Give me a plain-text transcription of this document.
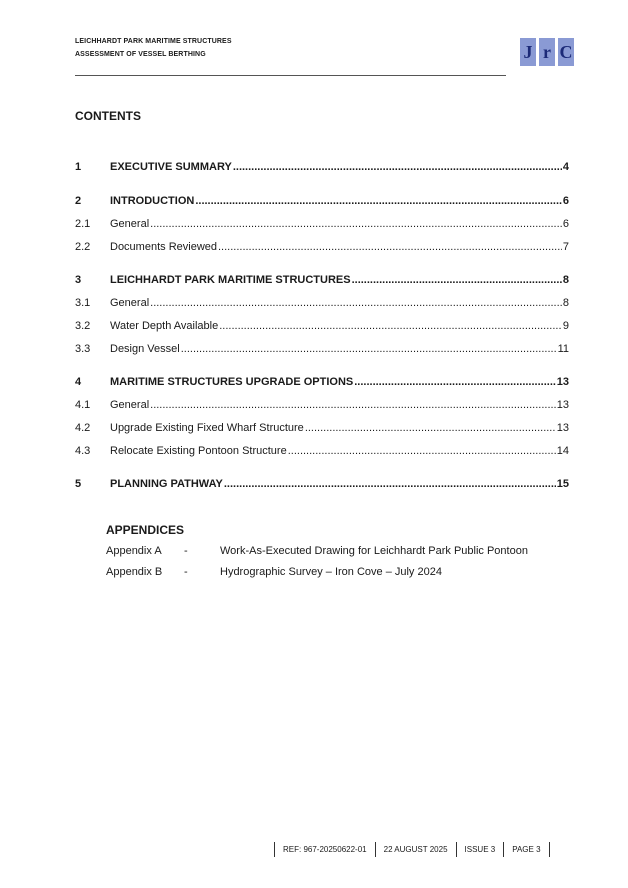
LEICHHARDT PARK MARITIME STRUCTURES
ASSESSMENT OF VESSEL BERTHING	J r C
CONTENTS
1	EXECUTIVE SUMMARY .....	4
2	INTRODUCTION .....	6
2.1	General .....	6
2.2	Documents Reviewed .....	7
3	LEICHHARDT PARK MARITIME STRUCTURES .....	8
3.1	General .....	8
3.2	Water Depth Available .....	9
3.3	Design Vessel .....	11
4	MARITIME STRUCTURES UPGRADE OPTIONS .....	13
4.1	General .....	13
4.2	Upgrade Existing Fixed Wharf Structure .....	13
4.3	Relocate Existing Pontoon Structure .....	14
5	PLANNING PATHWAY .....	15
APPENDICES
Appendix A	-	Work-As-Executed Drawing for Leichhardt Park Public Pontoon
Appendix B	-	Hydrographic Survey – Iron Cove – July 2024
REF: 967-20250622-01	22 AUGUST 2025	ISSUE 3	PAGE 3
